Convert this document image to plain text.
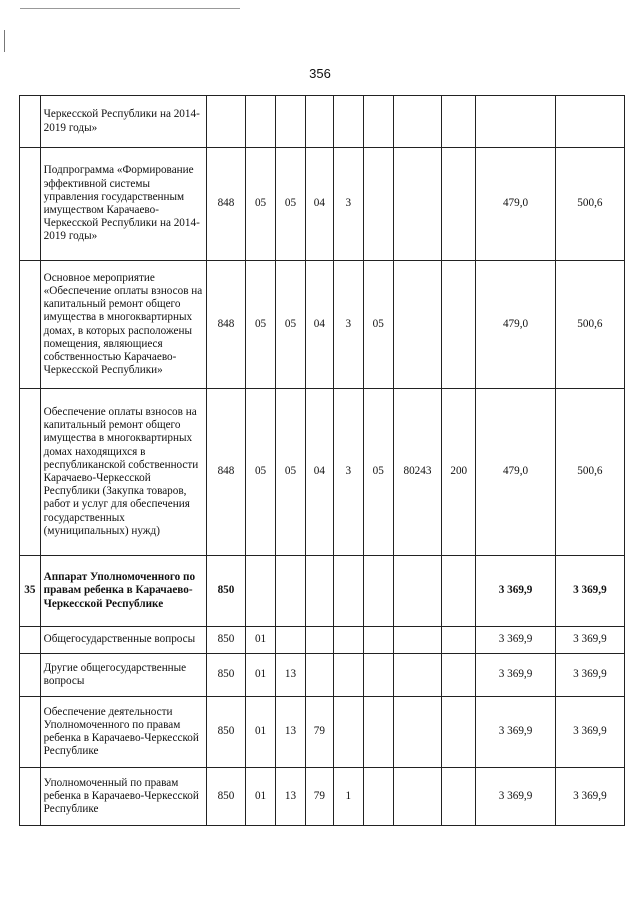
356
	Черкесской Республики на 2014-2019 годы»										
	Подпрограмма «Формирование эффективной системы управления государственным имуществом Карачаево-Черкесской Республики на 2014-2019 годы»	848	05	05	04	3				479,0	500,6
	Основное мероприятие «Обеспечение оплаты взносов на капитальный ремонт общего имущества в многоквартирных домах, в которых расположены помещения, являющиеся собственностью Карачаево-Черкесской Республики»	848	05	05	04	3	05			479,0	500,6
	Обеспечение оплаты взносов на капитальный ремонт общего имущества в многоквартирных домах находящихся в республиканской собственности Карачаево-Черкесской Республики (Закупка товаров, работ и услуг для обеспечения государственных (муниципальных) нужд)	848	05	05	04	3	05	80243	200	479,0	500,6
35	Аппарат Уполномоченного по правам ребенка в Карачаево-Черкесской Республике	850								3 369,9	3 369,9
	Общегосударственные вопросы	850	01							3 369,9	3 369,9
	Другие общегосударственные вопросы	850	01	13						3 369,9	3 369,9
	Обеспечение деятельности Уполномоченного по правам ребенка в Карачаево-Черкесской Республике	850	01	13	79					3 369,9	3 369,9
	Уполномоченный по правам ребенка в Карачаево-Черкесской Республике	850	01	13	79	1				3 369,9	3 369,9
